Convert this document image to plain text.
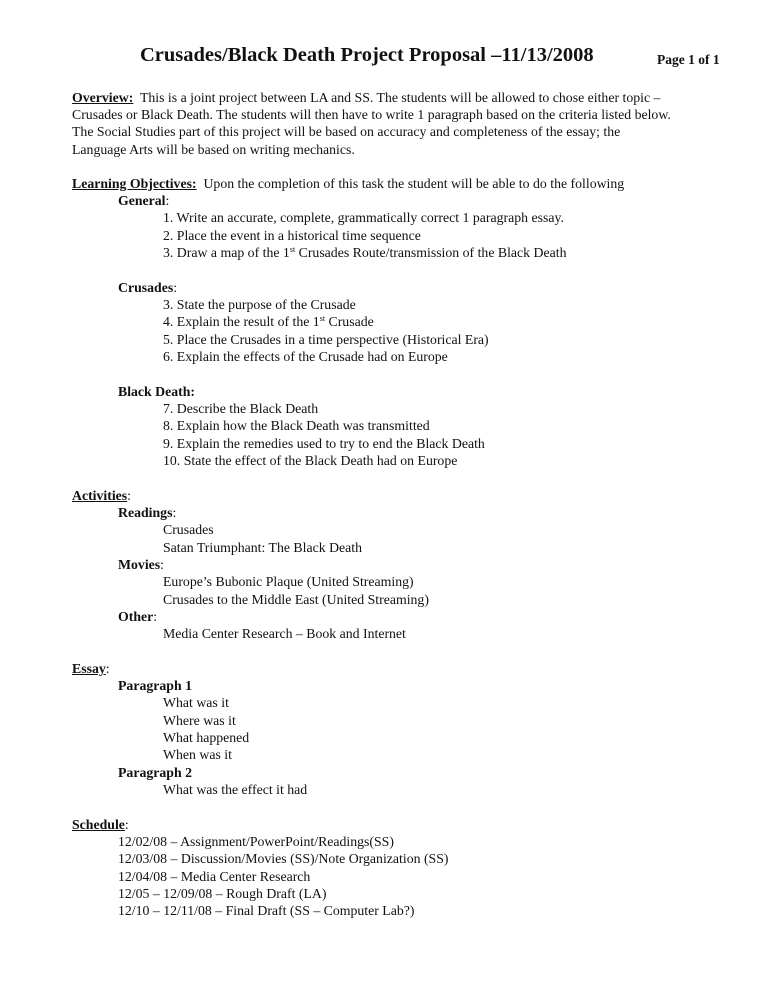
Crusades/Black Death Project Proposal –11/13/2008	Page 1 of 1
Overview: This is a joint project between LA and SS. The students will be allowed to chose either topic –
Crusades or Black Death. The students will then have to write 1 paragraph based on the criteria listed below.
The Social Studies part of this project will be based on accuracy and completeness of the essay; the
Language Arts will be based on writing mechanics.
Learning Objectives: Upon the completion of this task the student will be able to do the following
General:
1. Write an accurate, complete, grammatically correct 1 paragraph essay.
2. Place the event in a historical time sequence
3. Draw a map of the 1st Crusades Route/transmission of the Black Death
Crusades:
3. State the purpose of the Crusade
4. Explain the result of the 1st Crusade
5. Place the Crusades in a time perspective (Historical Era)
6. Explain the effects of the Crusade had on Europe
Black Death:
7. Describe the Black Death
8. Explain how the Black Death was transmitted
9. Explain the remedies used to try to end the Black Death
10. State the effect of the Black Death had on Europe
Activities:
Readings:
Crusades
Satan Triumphant: The Black Death
Movies:
Europe’s Bubonic Plaque (United Streaming)
Crusades to the Middle East (United Streaming)
Other:
Media Center Research – Book and Internet
Essay:
Paragraph 1
What was it
Where was it
What happened
When was it
Paragraph 2
What was the effect it had
Schedule:
12/02/08 – Assignment/PowerPoint/Readings(SS)
12/03/08 – Discussion/Movies (SS)/Note Organization (SS)
12/04/08 – Media Center Research
12/05 – 12/09/08 – Rough Draft (LA)
12/10 – 12/11/08 – Final Draft (SS – Computer Lab?)
